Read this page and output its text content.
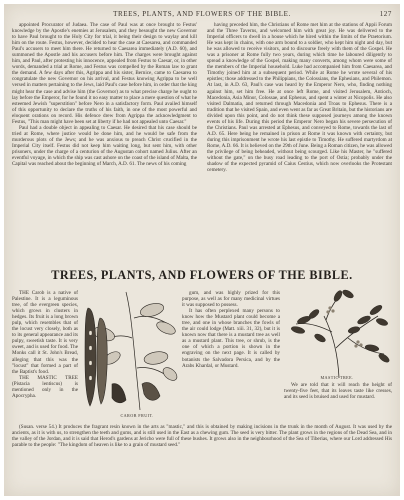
TREES, PLANTS, AND FLOWERS OF THE BIBLE.	127

appointed Procurator of Judaea. The case of Paul was at once brought to Festus' knowledge by the Apostle's enemies at Jerusalem, and they besought the new Governor to have Paul brought to the Holy City for trial, it being their design to waylay and kill him on the route. Festus, however, decided to hear the case at Caesarea, and commanded Paul's accusers to meet him there. He returned to Caesarea immediately (A.D. 60), and summoned the Apostle and his accusers before him. The charges were brought against him, and Paul, after protesting his innocence, appealed from Festus to Caesar, or, in other words, demanded a trial at Rome, and Festus was compelled by the Roman law to grant the demand. A few days after this, Agrippa and his sister, Bernice, came to Caesarea to congratulate the new Governor on his arrival, and Festus knowing Agrippa to be well versed in matters pertaining to the Jews, laid Paul's case before him, in order that the king might hear the case and advise him (the Governor) as to what precise charge he ought to lay before the Emperor, for he found it no easy matter to place a mere question of what he esteemed Jewish "superstition" before Nero in a satisfactory form. Paul availed himself of this opportunity to declare the truths of his faith, in one of the most powerful and eloquent orations on record. His defence drew from Agrippa the acknowledgment to Festus, "This man might have been set at liberty if he had not appealed unto Caesar."

Paul had a double object in appealing to Caesar. He desired that his case should be tried at Rome, where justice would be done him, and he would be safe from the murderous plots of the Jews; and he was anxious to preach Christ crucified in the Imperial City itself. Festus did not keep him waiting long, but sent him, with other prisoners, under the charge of a centurion of the Augustan cohort named Julius. After an eventful voyage, in which the ship was cast ashore on the coast of the island of Malta, the Capital was reached about the beginning of March, A.D. 61. The news of his coming

having preceded him, the Christians of Rome met him at the stations of Appii Forum and the Three Taverns, and welcomed him with great joy. He was delivered to the Imperial officers to dwell in a house which he hired within the limits of the Praetorium. He was kept in chains, with one arm bound to a soldier, who kept him night and day, but he was allowed to receive visitors, and to discourse freely with them of the Gospel. He was a prisoner at Rome fully two years, during which time he laboured diligently to spread a knowledge of the Gospel, making many converts, among whom were some of the members of the Imperial household. Luke had accompanied him from Caesarea, and Timothy joined him at a subsequent period. While at Rome he wrote several of his epistles; those addressed to the Philippians, the Colossians, the Ephesians, and Philemon. At last, in A.D. 63, Paul's case was heard by the Emperor Nero, who, finding nothing against him, set him free. He at once left Rome, and visited Jerusalem, Antioch, Macedonia, Asia Minor, Colossae, and Ephesus, and spent a winter at Nicopolis. He also visited Dalmatia, and returned through Macedonia and Troas to Ephesus. There is a tradition that he visited Spain, and even went as far as Great Britain, but the historians are divided upon this point, and do not think these supposed journeys among the known events of his life. During this period the Emperor Nero began his severe persecution of the Christians. Paul was arrested at Ephesus, and conveyed to Rome, towards the last of A.D. 65. Here being he remained in prison at Rome it was known with certainty, but during this imprisonment he wrote his last epistle to Timothy. He suffered martyrdom at Rome, A.D. 66. It is believed on the 29th of June. Being a Roman citizen, he was allowed the privilege of being beheaded, without being scourged. Like his Master, he "suffered without the gate," on the busy road leading to the port of Ostia; probably under the shadow of the expected pyramid of Caius Cestius, which now overlooks the Protestant cemetery.

TREES, PLANTS, AND FLOWERS OF THE BIBLE.

THE Carob is a native of Palestine. It is a leguminous tree, of the evergreen species, which grows in clusters in hedges. Its fruit is a long brown pulp, which resembles that of the locust very closely, both as to its general appearance and its pulpy, sweetish taste. It is very sweet, and is used for food. The Monks call it St. John's Bread, alleging that this was the "locust" that formed a part of the Baptist's food.

THE MASTIC TREE (Pistacia lentiscus) is mentioned only in the Apocrypha.

CAROB FRUIT.

gum, and was highly prized for this purpose, as well as for many medicinal virtues it was supposed to possess.

It has often perplexed many persons to know how the Mustard plant could become a tree, and one in whose branches the fowls of the air could lodge (Matt. xiii. 31, 32), but it is known now that there is a mustard tree as well as a mustard plant. This tree, or shrub, is the one of which a portion is shown in the engraving on the next page. It is called by botanists the Salvadora Persica, and by the Arabs Khardal, or Mustard.

MASTIC TREE.

We are told that it will reach the height of twenty-five feet, that its leaves taste like cresses, and its seed is bruised and used for mustard.

(Susan. verse 54.) It produces the fragrant resin known in the arts as "mastic," and this is obtained by making incisions in the trunk in the month of August. It was used by the ancients, as it is with us, to strengthen the teeth and gums, and is still used in the East as a chewing gum. The seed is very bitter. The plant grows in the regions of the Dead Sea, and in the valley of the Jordan, and it is said that Herod's gardens at Jericho were full of these bushes. It grows also in the neighbourhood of the Sea of Tiberias, where our Lord addressed His parable to the people: "The kingdom of heaven is like to a grain of mustard seed."
